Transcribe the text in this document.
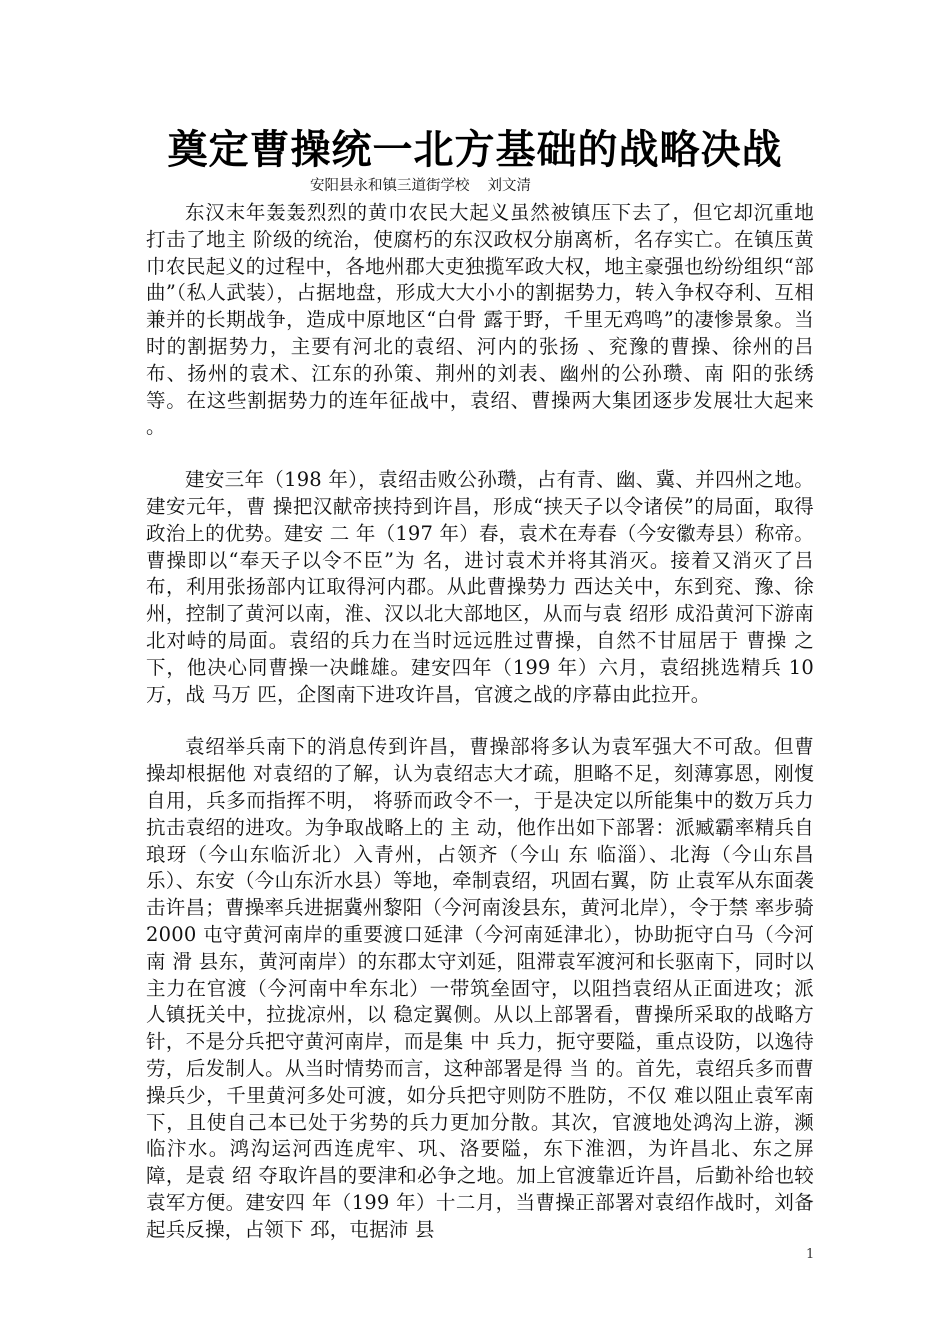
奠定曹操统一北方基础的战略决战
安阳县永和镇三道街学校 刘文清

东汉末年轰轰烈烈的黄巾农民大起义虽然被镇压下去了，但它却沉重地打击了地主 阶级的统治，使腐朽的东汉政权分崩离析，名存实亡。在镇压黄巾农民起义的过程中，各地州郡大吏独揽军政大权，地主豪强也纷纷组织“部曲”（私人武装），占据地盘，形成大大小小的割据势力，转入争权夺利、互相兼并的长期战争，造成中原地区“白骨 露于野，千里无鸡鸣”的凄惨景象。当时的割据势力，主要有河北的袁绍、河内的张扬 、兖豫的曹操、徐州的吕布、扬州的袁术、江东的孙策、荆州的刘表、幽州的公孙瓒、南 阳的张绣等。在这些割据势力的连年征战中，袁绍、曹操两大集团逐步发展壮大起来 。

建安三年（198 年），袁绍击败公孙瓒，占有青、幽、冀、并四州之地。建安元年，曹 操把汉献帝挟持到许昌，形成“挟天子以令诸侯”的局面，取得政治上的优势。建安 二 年（197 年）春，袁术在寿春（今安徽寿县）称帝。曹操即以“奉天子以令不臣”为 名，进讨袁术并将其消灭。接着又消灭了吕布，利用张扬部内讧取得河内郡。从此曹操势力 西达关中，东到兖、豫、徐州，控制了黄河以南，淮、汉以北大部地区，从而与袁 绍形 成沿黄河下游南北对峙的局面。袁绍的兵力在当时远远胜过曹操，自然不甘屈居于 曹操 之下，他决心同曹操一决雌雄。建安四年（199 年）六月，袁绍挑选精兵 10 万，战 马万 匹，企图南下进攻许昌，官渡之战的序幕由此拉开。

袁绍举兵南下的消息传到许昌，曹操部将多认为袁军强大不可敌。但曹操却根据他 对袁绍的了解，认为袁绍志大才疏，胆略不足，刻薄寡恩，刚愎自用，兵多而指挥不明， 将骄而政令不一，于是决定以所能集中的数万兵力抗击袁绍的进攻。为争取战略上的 主 动，他作出如下部署：派臧霸率精兵自琅玡（今山东临沂北）入青州，占领齐（今山 东 临淄）、北海（今山东昌乐）、东安（今山东沂水县）等地，牵制袁绍，巩固右翼，防 止袁军从东面袭击许昌；曹操率兵进据冀州黎阳（今河南浚县东，黄河北岸），令于禁 率步骑 2000 屯守黄河南岸的重要渡口延津（今河南延津北），协助扼守白马（今河南 滑 县东，黄河南岸）的东郡太守刘延，阻滞袁军渡河和长驱南下，同时以主力在官渡（今河南中牟东北）一带筑垒固守，以阻挡袁绍从正面进攻；派人镇抚关中，拉拢凉州，以 稳定翼侧。从以上部署看，曹操所采取的战略方针，不是分兵把守黄河南岸，而是集 中 兵力，扼守要隘，重点设防，以逸待劳，后发制人。从当时情势而言，这种部署是得 当 的。首先，袁绍兵多而曹操兵少，千里黄河多处可渡，如分兵把守则防不胜防，不仅 难以阻止袁军南下，且使自己本已处于劣势的兵力更加分散。其次，官渡地处鸿沟上游，濒临汴水。鸿沟运河西连虎牢、巩、洛要隘，东下淮泗，为许昌北、东之屏障，是袁 绍 夺取许昌的要津和必争之地。加上官渡靠近许昌，后勤补给也较袁军方便。建安四 年（199 年）十二月，当曹操正部署对袁绍作战时，刘备起兵反操，占领下 邳，屯据沛 县

1
